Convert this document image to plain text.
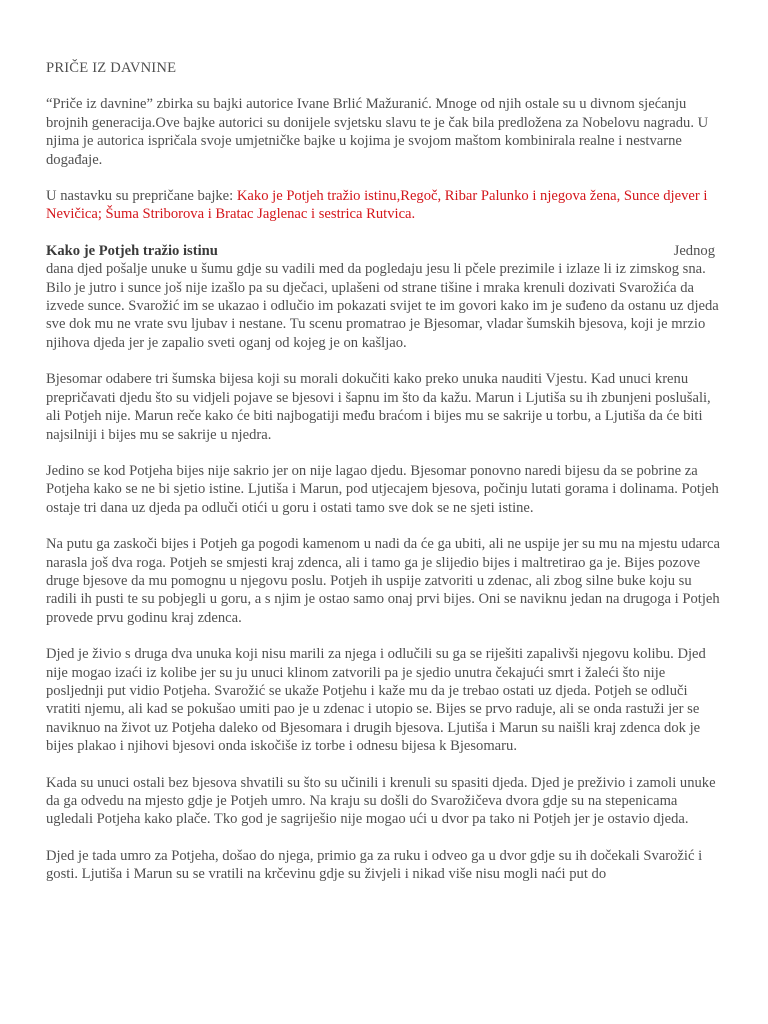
PRIČE IZ DAVNINE

“Priče iz davnine” zbirka su bajki autorice Ivane Brlić Mažuranić. Mnoge od njih ostale su u divnom sjećanju brojnih generacija.Ove bajke autorici su donijele svjetsku slavu te je čak bila predložena za Nobelovu nagradu. U njima je autorica ispričala svoje umjetničke bajke u kojima je svojom maštom kombinirala realne i nestvarne događaje.

U nastavku su prepričane bajke: Kako je Potjeh tražio istinu,Regoč, Ribar Palunko i njegova žena, Sunce djever i Nevičica; Šuma Striborova i Bratac Jaglenac i sestrica Rutvica.

Kako je Potjeh tražio istinu	Jednog

dana djed pošalje unuke u šumu gdje su vadili med da pogledaju jesu li pčele prezimile i izlaze li iz zimskog sna. Bilo je jutro i sunce još nije izašlo pa su dječaci, uplašeni od strane tišine i mraka krenuli dozivati Svarožića da izvede sunce. Svarožić im se ukazao i odlučio im pokazati svijet te im govori kako im je suđeno da ostanu uz djeda sve dok mu ne vrate svu ljubav i nestane. Tu scenu promatrao je Bjesomar, vladar šumskih bjesova, koji je mrzio njihova djeda jer je zapalio sveti oganj od kojeg je on kašljao.

Bjesomar odabere tri šumska bijesa koji su morali dokučiti kako preko unuka nauditi Vjestu. Kad unuci krenu prepričavati djedu što su vidjeli pojave se bjesovi i šapnu im što da kažu. Marun i Ljutiša su ih zbunjeni poslušali, ali Potjeh nije. Marun reče kako će biti najbogatiji među braćom i bijes mu se sakrije u torbu, a Ljutiša da će biti najsilniji i bijes mu se sakrije u njedra.

Jedino se kod Potjeha bijes nije sakrio jer on nije lagao djedu. Bjesomar ponovno naredi bijesu da se pobrine za Potjeha kako se ne bi sjetio istine. Ljutiša i Marun, pod utjecajem bjesova, počinju lutati gorama i dolinama. Potjeh ostaje tri dana uz djeda pa odluči otići u goru i ostati tamo sve dok se ne sjeti istine.

Na putu ga zaskoči bijes i Potjeh ga pogodi kamenom u nadi da će ga ubiti, ali ne uspije jer su mu na mjestu udarca narasla još dva roga. Potjeh se smjesti kraj zdenca, ali i tamo ga je slijedio bijes i maltretirao ga je. Bijes pozove druge bjesove da mu pomognu u njegovu poslu. Potjeh ih uspije zatvoriti u zdenac, ali zbog silne buke koju su radili ih pusti te su pobjegli u goru, a s njim je ostao samo onaj prvi bijes. Oni se naviknu jedan na drugoga i Potjeh provede prvu godinu kraj zdenca.

Djed je živio s druga dva unuka koji nisu marili za njega i odlučili su ga se riješiti zapalivši njegovu kolibu. Djed nije mogao izaći iz kolibe jer su ju unuci klinom zatvorili pa je sjedio unutra čekajući smrt i žaleći što nije posljednji put vidio Potjeha. Svarožić se ukaže Potjehu i kaže mu da je trebao ostati uz djeda. Potjeh se odluči vratiti njemu, ali kad se pokušao umiti pao je u zdenac i utopio se. Bijes se prvo raduje, ali se onda rastuži jer se naviknuo na život uz Potjeha daleko od Bjesomara i drugih bjesova. Ljutiša i Marun su naišli kraj zdenca dok je bijes plakao i njihovi bjesovi onda iskočiše iz torbe i odnesu bijesa k Bjesomaru.

Kada su unuci ostali bez bjesova shvatili su što su učinili i krenuli su spasiti djeda. Djed je preživio i zamoli unuke da ga odvedu na mjesto gdje je Potjeh umro. Na kraju su došli do Svarožičeva dvora gdje su na stepenicama ugledali Potjeha kako plače. Tko god je sagriješio nije mogao ući u dvor pa tako ni Potjeh jer je ostavio djeda.

Djed je tada umro za Potjeha, došao do njega, primio ga za ruku i odveo ga u dvor gdje su ih dočekali Svarožić i gosti. Ljutiša i Marun su se vratili na krčevinu gdje su živjeli i nikad više nisu mogli naći put do
